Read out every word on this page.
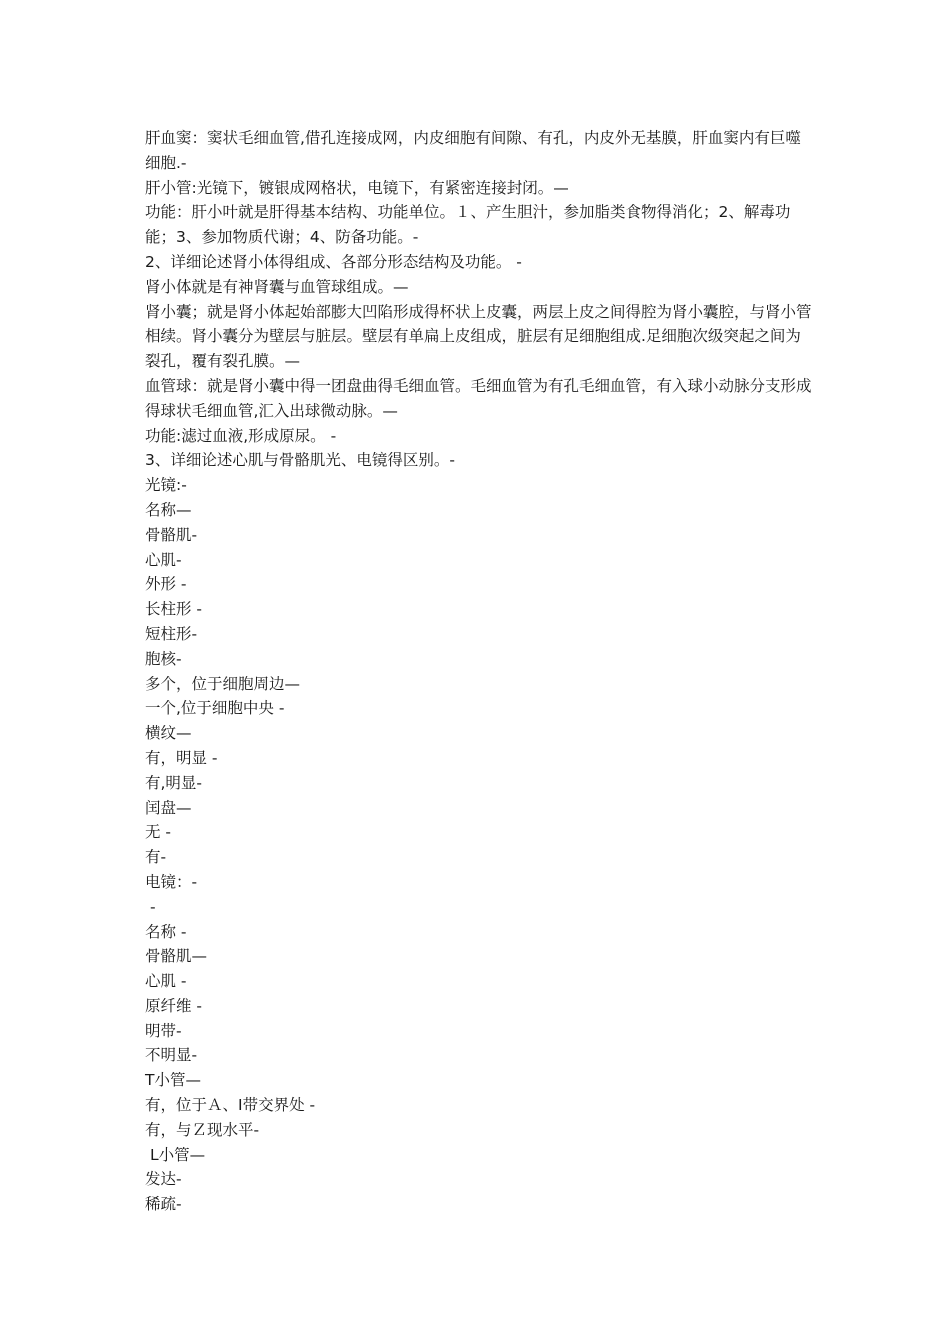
肝血窦：窦状毛细血管,借孔连接成网，内皮细胞有间隙、有孔，内皮外无基膜，肝血窦内有巨噬细胞.-

肝小管:光镜下，镀银成网格状，电镜下，有紧密连接封闭。—

功能：肝小叶就是肝得基本结构、功能单位。１、产生胆汁，参加脂类食物得消化；2、解毒功能；3、参加物质代谢；4、防备功能。-

2、详细论述肾小体得组成、各部分形态结构及功能。 -

肾小体就是有神肾囊与血管球组成。—

肾小囊；就是肾小体起始部膨大凹陷形成得杯状上皮囊，两层上皮之间得腔为肾小囊腔，与肾小管相续。肾小囊分为壁层与脏层。壁层有单扁上皮组成，脏层有足细胞组成.足细胞次级突起之间为裂孔，覆有裂孔膜。—

血管球：就是肾小囊中得一团盘曲得毛细血管。毛细血管为有孔毛细血管，有入球小动脉分支形成得球状毛细血管,汇入出球微动脉。—

功能:滤过血液,形成原尿。 -

3、详细论述心肌与骨骼肌光、电镜得区别。-

光镜:-

名称—

骨骼肌-

心肌-

外形 -

长柱形 -

短柱形-

胞核-

多个，位于细胞周边—

一个,位于细胞中央 -

横纹—

有，明显 -

有,明显-

闰盘—

无 -

有-

电镜：-

-

名称 -

骨骼肌—

心肌 -

原纤维 -

明带-

不明显-

T小管—

有，位于Ａ、I带交界处 -

有，与Ｚ现水平-

L小管—

发达-

稀疏-
